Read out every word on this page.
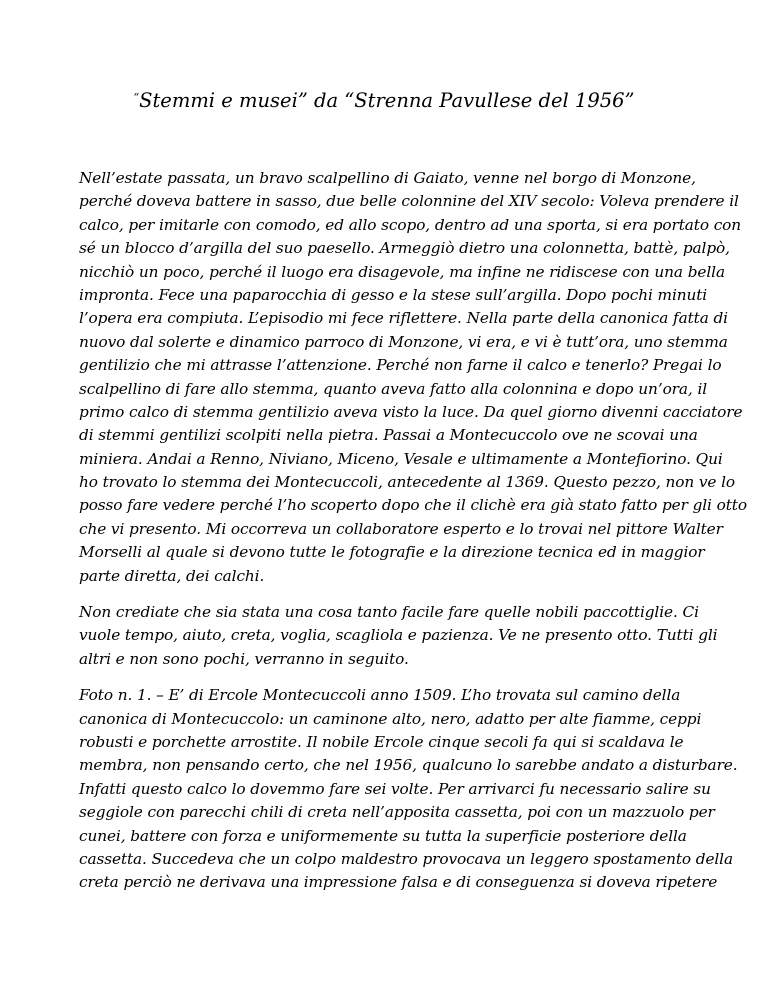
“Stemmi e musei” da “Strenna Pavullese del 1956”

Nell’estate passata, un bravo scalpellino di Gaiato, venne nel borgo di Monzone,
perché doveva battere in sasso, due belle colonnine del XIV secolo: Voleva prendere il
calco, per imitarle con comodo, ed allo scopo, dentro ad una sporta, si era portato con
sé un blocco d’argilla del suo paesello. Armeggiò dietro una colonnetta, battè, palpò,
nicchiò un poco, perché il luogo era disagevole, ma infine ne ridiscese con una bella
impronta. Fece una paparocchia di gesso e la stese sull’argilla. Dopo pochi minuti
l’opera era compiuta. L’episodio mi fece riflettere. Nella parte della canonica fatta di
nuovo dal solerte e dinamico parroco di Monzone, vi era, e vi è tutt’ora, uno stemma
gentilizio che mi attrasse l’attenzione. Perché non farne il calco e tenerlo? Pregai lo
scalpellino di fare allo stemma, quanto aveva fatto alla colonnina e dopo un’ora, il
primo calco di stemma gentilizio aveva visto la luce. Da quel giorno divenni cacciatore
di stemmi gentilizi scolpiti nella pietra. Passai a Montecuccolo ove ne scovai una
miniera. Andai a Renno, Niviano, Miceno, Vesale e ultimamente a Montefiorino. Qui
ho trovato lo stemma dei Montecuccoli, antecedente al 1369. Questo pezzo, non ve lo
posso fare vedere perché l’ho scoperto dopo che il clichè era già stato fatto per gli otto
che vi presento. Mi occorreva un collaboratore esperto e lo trovai nel pittore Walter
Morselli al quale si devono tutte le fotografie e la direzione tecnica ed in maggior
parte diretta, dei calchi.

Non crediate che sia stata una cosa tanto facile fare quelle nobili paccottiglie. Ci
vuole tempo, aiuto, creta, voglia, scagliola e pazienza. Ve ne presento otto. Tutti gli
altri e non sono pochi, verranno in seguito.

Foto n. 1. – E’ di Ercole Montecuccoli anno 1509. L’ho trovata sul camino della
canonica di Montecuccolo: un caminone alto, nero, adatto per alte fiamme, ceppi
robusti e porchette arrostite. Il nobile Ercole cinque secoli fa qui si scaldava le
membra, non pensando certo, che nel 1956, qualcuno lo sarebbe andato a disturbare.
Infatti questo calco lo dovemmo fare sei volte. Per arrivarci fu necessario salire su
seggiole con parecchi chili di creta nell’apposita cassetta, poi con un mazzuolo per
cunei, battere con forza e uniformemente su tutta la superficie posteriore della
cassetta. Succedeva che un colpo maldestro provocava un leggero spostamento della
creta perciò ne derivava una impressione falsa e di conseguenza si doveva ripetere
